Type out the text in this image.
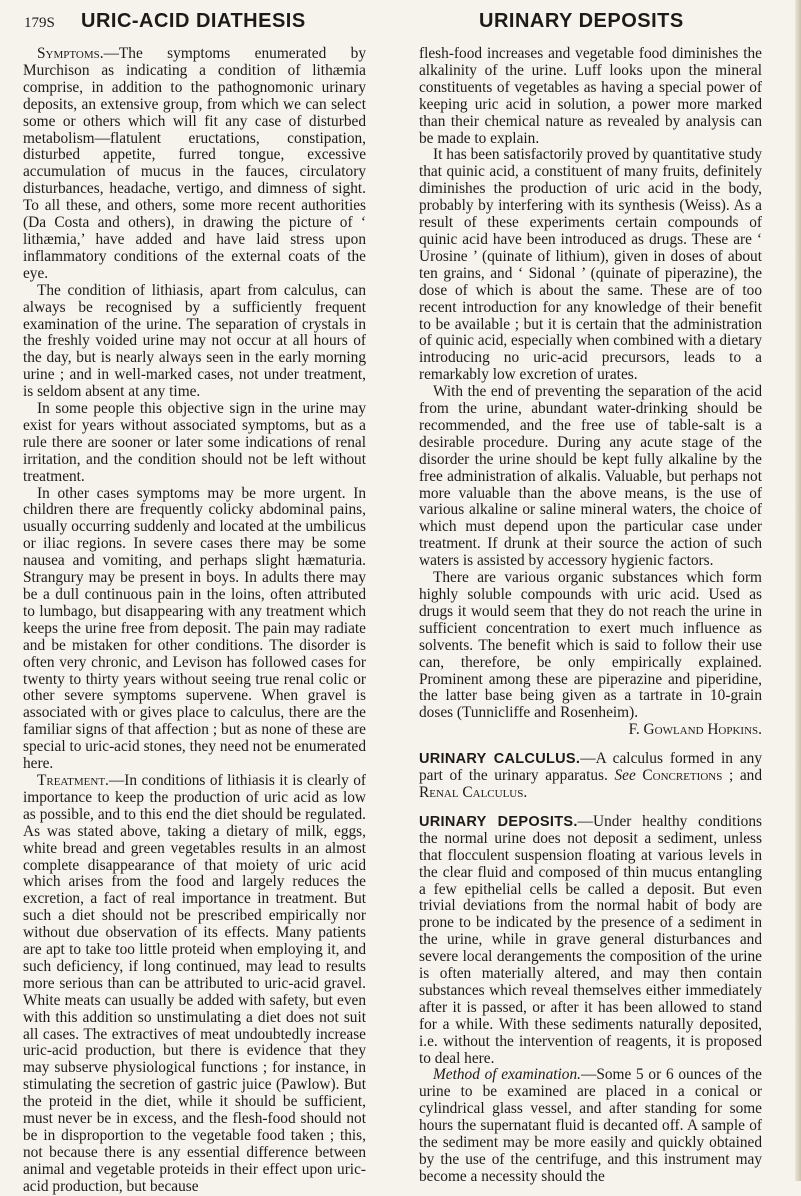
179S URIC-ACID DIATHESIS	URINARY DEPOSITS

Symptoms.—The symptoms enumerated by Murchison as indicating a condition of lithæmia comprise, in addition to the pathognomonic urinary deposits, an extensive group, from which we can select some or others which will fit any case of disturbed metabolism—flatulent eructations, constipation, disturbed appetite, furred tongue, excessive accumulation of mucus in the fauces, circulatory disturbances, headache, vertigo, and dimness of sight. To all these, and others, some more recent authorities (Da Costa and others), in drawing the picture of ‘ lithæmia,’ have added and have laid stress upon inflammatory conditions of the external coats of the eye.

The condition of lithiasis, apart from calculus, can always be recognised by a sufficiently frequent examination of the urine. The separation of crystals in the freshly voided urine may not occur at all hours of the day, but is nearly always seen in the early morning urine ; and in well-marked cases, not under treatment, is seldom absent at any time.

In some people this objective sign in the urine may exist for years without associated symptoms, but as a rule there are sooner or later some indications of renal irritation, and the condition should not be left without treatment.

In other cases symptoms may be more urgent. In children there are frequently colicky abdominal pains, usually occurring suddenly and located at the umbilicus or iliac regions. In severe cases there may be some nausea and vomiting, and perhaps slight hæmaturia. Strangury may be present in boys. In adults there may be a dull continuous pain in the loins, often attributed to lumbago, but disappearing with any treatment which keeps the urine free from deposit. The pain may radiate and be mistaken for other conditions. The disorder is often very chronic, and Levison has followed cases for twenty to thirty years without seeing true renal colic or other severe symptoms supervene. When gravel is associated with or gives place to calculus, there are the familiar signs of that affection ; but as none of these are special to uric-acid stones, they need not be enumerated here.

Treatment.—In conditions of lithiasis it is clearly of importance to keep the production of uric acid as low as possible, and to this end the diet should be regulated. As was stated above, taking a dietary of milk, eggs, white bread and green vegetables results in an almost complete disappearance of that moiety of uric acid which arises from the food and largely reduces the excretion, a fact of real importance in treatment. But such a diet should not be prescribed empirically nor without due observation of its effects. Many patients are apt to take too little proteid when employing it, and such deficiency, if long continued, may lead to results more serious than can be attributed to uric-acid gravel. White meats can usually be added with safety, but even with this addition so unstimulating a diet does not suit all cases. The extractives of meat undoubtedly increase uric-acid production, but there is evidence that they may subserve physiological functions ; for instance, in stimulating the secretion of gastric juice (Pawlow). But the proteid in the diet, while it should be sufficient, must never be in excess, and the flesh-food should not be in disproportion to the vegetable food taken ; this, not because there is any essential difference between animal and vegetable proteids in their effect upon uric-acid production, but because

flesh-food increases and vegetable food diminishes the alkalinity of the urine. Luff looks upon the mineral constituents of vegetables as having a special power of keeping uric acid in solution, a power more marked than their chemical nature as revealed by analysis can be made to explain.

It has been satisfactorily proved by quantitative study that quinic acid, a constituent of many fruits, definitely diminishes the production of uric acid in the body, probably by interfering with its synthesis (Weiss). As a result of these experiments certain compounds of quinic acid have been introduced as drugs. These are ‘ Urosine ’ (quinate of lithium), given in doses of about ten grains, and ‘ Sidonal ’ (quinate of piperazine), the dose of which is about the same. These are of too recent introduction for any knowledge of their benefit to be available ; but it is certain that the administration of quinic acid, especially when combined with a dietary introducing no uric-acid precursors, leads to a remarkably low excretion of urates.

With the end of preventing the separation of the acid from the urine, abundant water-drinking should be recommended, and the free use of table-salt is a desirable procedure. During any acute stage of the disorder the urine should be kept fully alkaline by the free administration of alkalis. Valuable, but perhaps not more valuable than the above means, is the use of various alkaline or saline mineral waters, the choice of which must depend upon the particular case under treatment. If drunk at their source the action of such waters is assisted by accessory hygienic factors.

There are various organic substances which form highly soluble compounds with uric acid. Used as drugs it would seem that they do not reach the urine in sufficient concentration to exert much influence as solvents. The benefit which is said to follow their use can, therefore, be only empirically explained. Prominent among these are piperazine and piperidine, the latter base being given as a tartrate in 10-grain doses (Tunnicliffe and Rosenheim).

F. Gowland Hopkins.

URINARY CALCULUS.—A calculus formed in any part of the urinary apparatus. See Concretions ; and Renal Calculus.

URINARY DEPOSITS.—Under healthy conditions the normal urine does not deposit a sediment, unless that flocculent suspension floating at various levels in the clear fluid and composed of thin mucus entangling a few epithelial cells be called a deposit. But even trivial deviations from the normal habit of body are prone to be indicated by the presence of a sediment in the urine, while in grave general disturbances and severe local derangements the composition of the urine is often materially altered, and may then contain substances which reveal themselves either immediately after it is passed, or after it has been allowed to stand for a while. With these sediments naturally deposited, i.e. without the intervention of reagents, it is proposed to deal here.

Method of examination.—Some 5 or 6 ounces of the urine to be examined are placed in a conical or cylindrical glass vessel, and after standing for some hours the supernatant fluid is decanted off. A sample of the sediment may be more easily and quickly obtained by the use of the centrifuge, and this instrument may become a necessity should the
